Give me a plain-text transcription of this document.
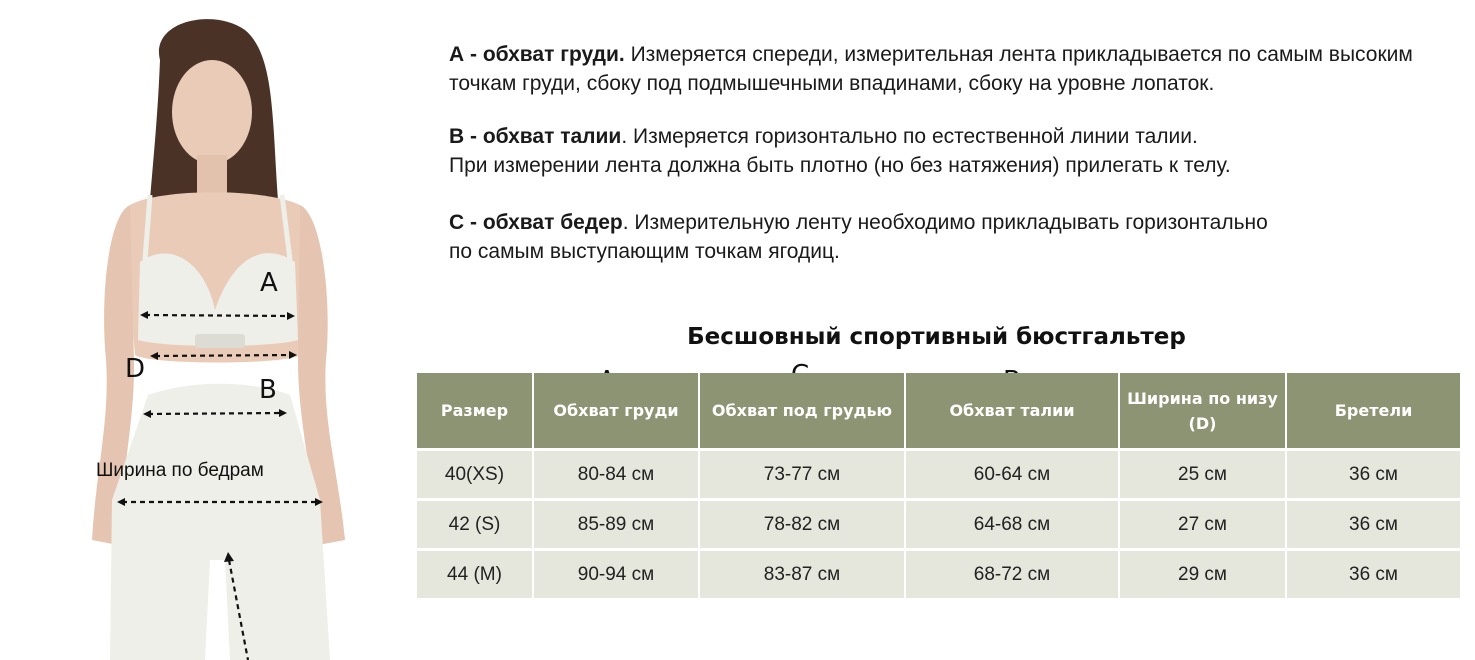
A
D
B
Ширина по бедрам

А - обхват груди. Измеряется спереди, измерительная лента прикладывается по самым высоким точкам груди, сбоку под подмышечными впадинами, сбоку на уровне лопаток.

В - обхват талии. Измеряется горизонтально по естественной линии талии.

При измерении лента должна быть плотно (но без натяжения) прилегать к телу.

С - обхват бедер. Измерительную ленту необходимо прикладывать горизонтально

по самым выступающим точкам ягодиц.

Бесшовный спортивный бюстгальтер
Размер	Обхват груди	Обхват под грудью	Обхват талии	Ширина по низу (D)	Бретели
40(XS)	80-84 см	73-77 см	60-64 см	25 см	36 см
42 (S)	85-89 см	78-82 см	64-68 см	27 см	36 см
44 (M)	90-94 см	83-87 см	68-72 см	29 см	36 см
